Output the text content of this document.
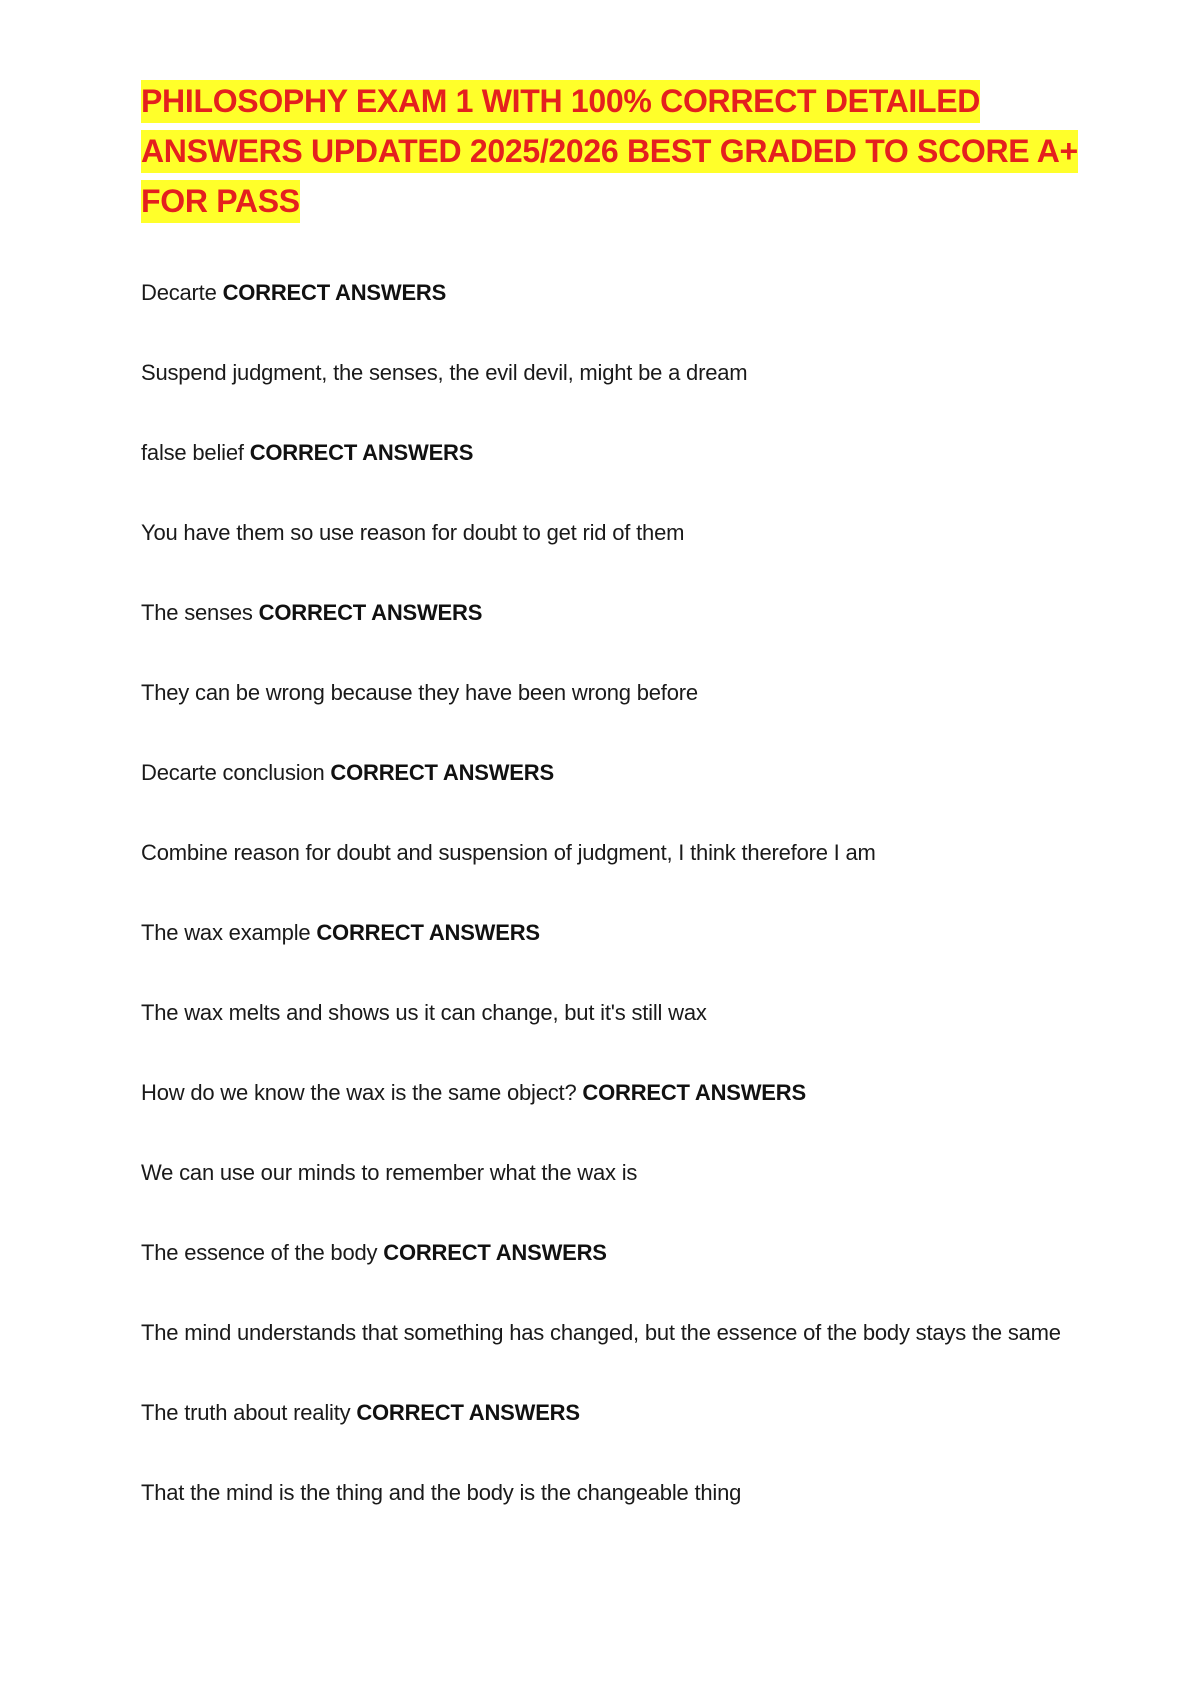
PHILOSOPHY EXAM 1 WITH 100% CORRECT DETAILED ANSWERS UPDATED 2025/2026 BEST GRADED TO SCORE A+ FOR PASS

Decarte CORRECT ANSWERS

Suspend judgment, the senses, the evil devil, might be a dream

false belief CORRECT ANSWERS

You have them so use reason for doubt to get rid of them

The senses CORRECT ANSWERS

They can be wrong because they have been wrong before

Decarte conclusion CORRECT ANSWERS

Combine reason for doubt and suspension of judgment, I think therefore I am

The wax example CORRECT ANSWERS

The wax melts and shows us it can change, but it's still wax

How do we know the wax is the same object? CORRECT ANSWERS

We can use our minds to remember what the wax is

The essence of the body CORRECT ANSWERS

The mind understands that something has changed, but the essence of the body stays the same

The truth about reality CORRECT ANSWERS

That the mind is the thing and the body is the changeable thing
